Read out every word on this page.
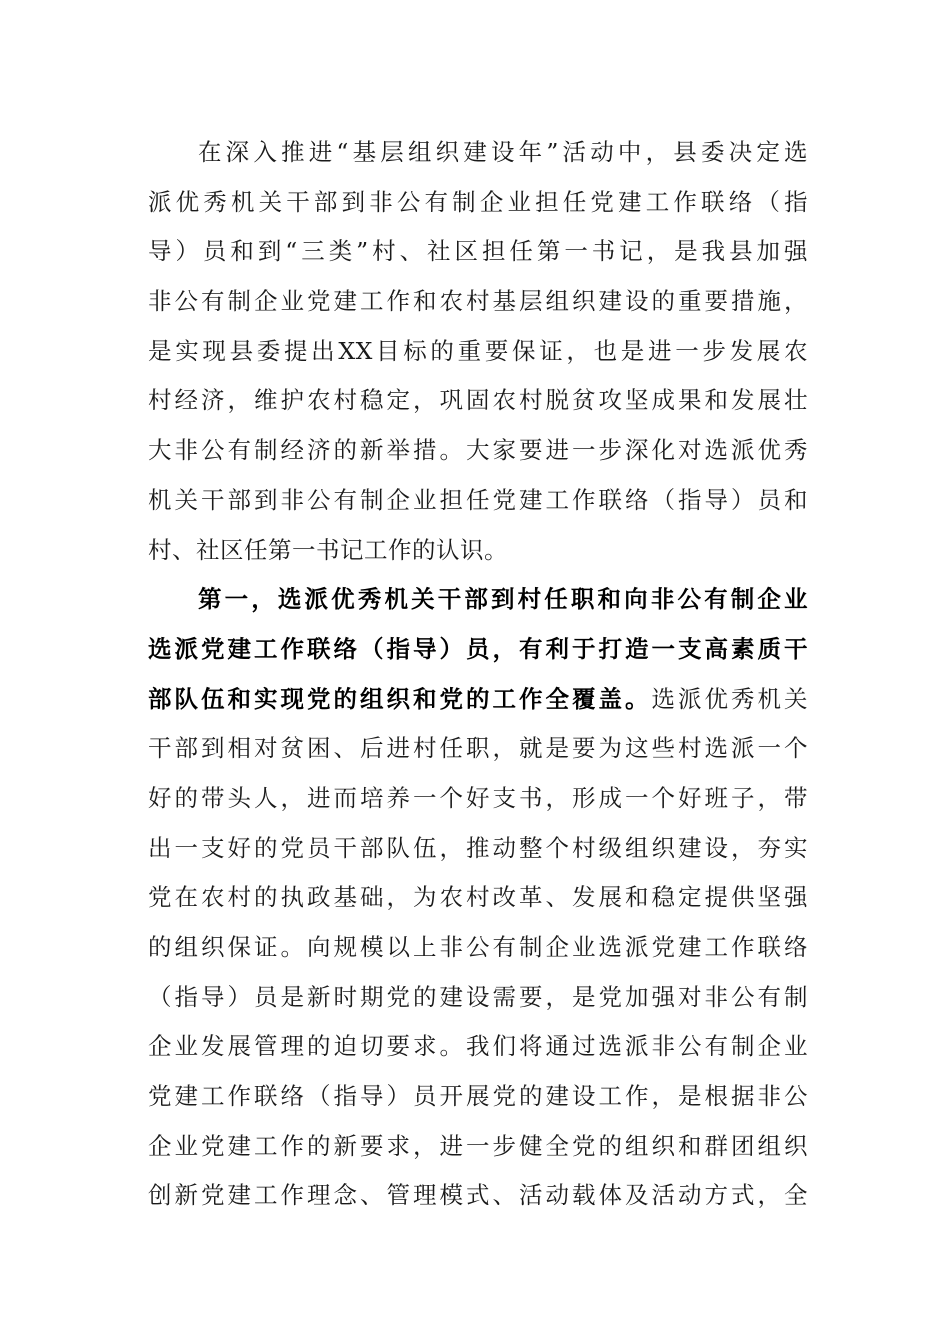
在深入推进“基层组织建设年”活动中，县委决定选
派优秀机关干部到非公有制企业担任党建工作联络（指
导）员和到“三类”村、社区担任第一书记，是我县加强
非公有制企业党建工作和农村基层组织建设的重要措施，
是实现县委提出XX目标的重要保证，也是进一步发展农
村经济，维护农村稳定，巩固农村脱贫攻坚成果和发展壮
大非公有制经济的新举措。大家要进一步深化对选派优秀
机关干部到非公有制企业担任党建工作联络（指导）员和
村、社区任第一书记工作的认识。
第一，选派优秀机关干部到村任职和向非公有制企业
选派党建工作联络（指导）员，有利于打造一支高素质干
部队伍和实现党的组织和党的工作全覆盖。选派优秀机关
干部到相对贫困、后进村任职，就是要为这些村选派一个
好的带头人，进而培养一个好支书，形成一个好班子，带
出一支好的党员干部队伍，推动整个村级组织建设，夯实
党在农村的执政基础，为农村改革、发展和稳定提供坚强
的组织保证。向规模以上非公有制企业选派党建工作联络
（指导）员是新时期党的建设需要，是党加强对非公有制
企业发展管理的迫切要求。我们将通过选派非公有制企业
党建工作联络（指导）员开展党的建设工作，是根据非公
企业党建工作的新要求，进一步健全党的组织和群团组织
创新党建工作理念、管理模式、活动载体及活动方式，全
